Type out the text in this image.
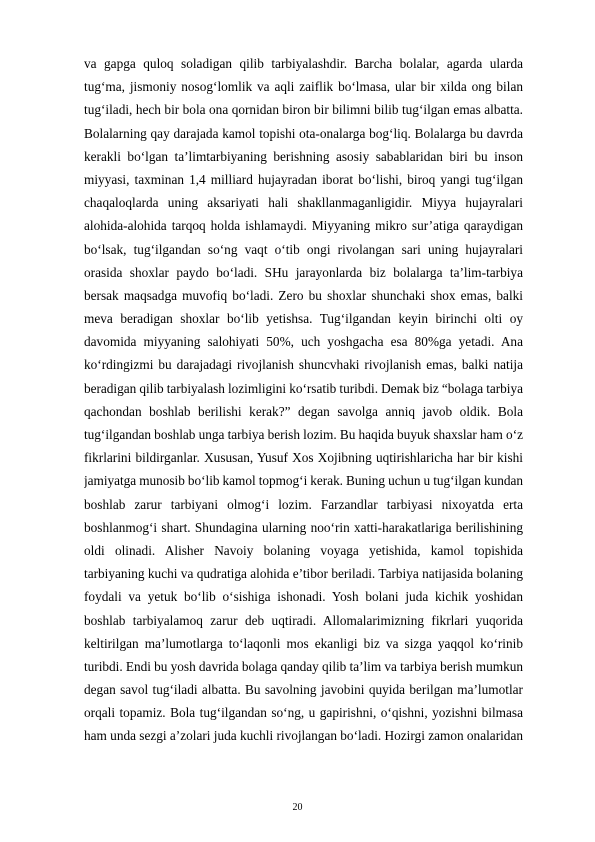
va gapga quloq soladigan qilib tarbiyalashdir. Barcha bolalar, agarda ularda
tug‘ma, jismoniy nosog‘lomlik va aqli zaiflik bo‘lmasa, ular bir xilda ong bilan
tug‘iladi, hech bir bola ona qornidan biron bir bilimni bilib tug‘ilgan emas albatta.
Bolalarning qay darajada kamol topishi ota-onalarga bog‘liq. Bolalarga bu davrda
kerakli bo‘lgan ta’limtarbiyaning berishning asosiy sabablaridan biri bu inson
miyyasi, taxminan 1,4 milliard hujayradan iborat bo‘lishi, biroq yangi tug‘ilgan
chaqaloqlarda uning aksariyati hali shakllanmaganligidir. Miyya hujayralari
alohida-alohida tarqoq holda ishlamaydi. Miyyaning mikro sur’atiga qaraydigan
bo‘lsak, tug‘ilgandan so‘ng vaqt o‘tib ongi rivolangan sari uning hujayralari
orasida shoxlar paydo bo‘ladi. SHu jarayonlarda biz bolalarga ta’lim-tarbiya
bersak maqsadga muvofiq bo‘ladi. Zero bu shoxlar shunchaki shox emas, balki
meva beradigan shoxlar bo‘lib yetishsa. Tug‘ilgandan keyin birinchi olti oy
davomida miyyaning salohiyati 50%, uch yoshgacha esa 80%ga yetadi. Ana
ko‘rdingizmi bu darajadagi rivojlanish shuncvhaki rivojlanish emas, balki natija
beradigan qilib tarbiyalash lozimligini ko‘rsatib turibdi. Demak biz “bolaga tarbiya
qachondan boshlab berilishi kerak?” degan savolga anniq javob oldik. Bola
tug‘ilgandan boshlab unga tarbiya berish lozim. Bu haqida buyuk shaxslar ham o‘z
fikrlarini bildirganlar. Xususan, Yusuf Xos Xojibning uqtirishlaricha har bir kishi
jamiyatga munosib bo‘lib kamol topmog‘i kerak. Buning uchun u tug‘ilgan kundan
boshlab zarur tarbiyani olmog‘i lozim. Farzandlar tarbiyasi nixoyatda erta
boshlanmog‘i shart. Shundagina ularning noo‘rin xatti-harakatlariga berilishining
oldi olinadi. Alisher Navoiy bolaning voyaga yetishida, kamol topishida
tarbiyaning kuchi va qudratiga alohida e’tibor beriladi. Tarbiya natijasida bolaning
foydali va yetuk bo‘lib o‘sishiga ishonadi. Yosh bolani juda kichik yoshidan
boshlab tarbiyalamoq zarur deb uqtiradi. Allomalarimizning fikrlari yuqorida
keltirilgan ma’lumotlarga to‘laqonli mos ekanligi biz va sizga yaqqol ko‘rinib
turibdi. Endi bu yosh davrida bolaga qanday qilib ta’lim va tarbiya berish mumkun
degan savol tug‘iladi albatta. Bu savolning javobini quyida berilgan ma’lumotlar
orqali topamiz. Bola tug‘ilgandan so‘ng, u gapirishni, o‘qishni, yozishni bilmasa
ham unda sezgi a’zolari juda kuchli rivojlangan bo‘ladi. Hozirgi zamon onalaridan
20
